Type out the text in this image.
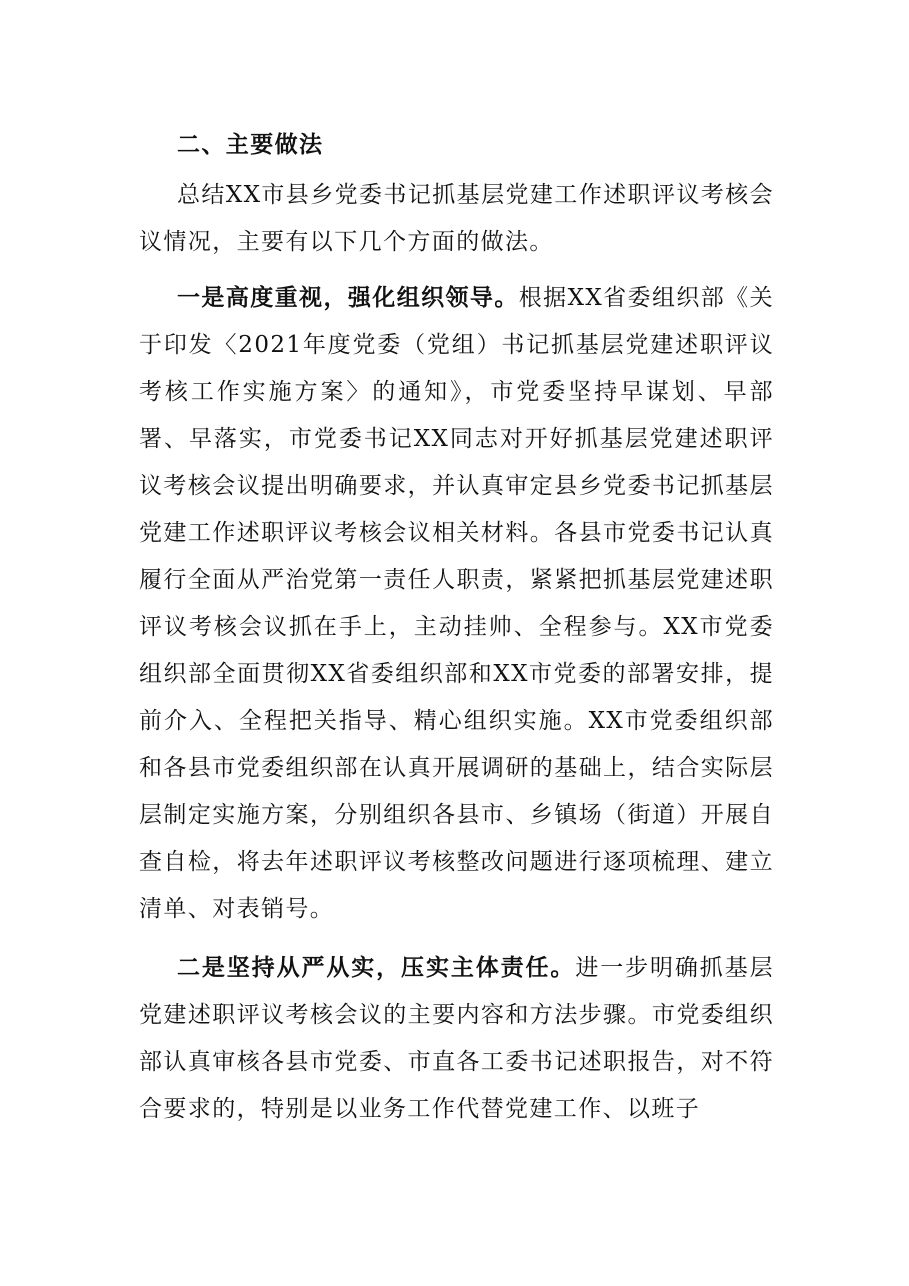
二、主要做法

总结XX市县乡党委书记抓基层党建工作述职评议考核会议情况，主要有以下几个方面的做法。

一是高度重视，强化组织领导。根据XX省委组织部《关于印发〈2021年度党委（党组）书记抓基层党建述职评议考核工作实施方案〉的通知》，市党委坚持早谋划、早部署、早落实，市党委书记XX同志对开好抓基层党建述职评议考核会议提出明确要求，并认真审定县乡党委书记抓基层党建工作述职评议考核会议相关材料。各县市党委书记认真履行全面从严治党第一责任人职责，紧紧把抓基层党建述职评议考核会议抓在手上，主动挂帅、全程参与。XX市党委组织部全面贯彻XX省委组织部和XX市党委的部署安排，提前介入、全程把关指导、精心组织实施。XX市党委组织部和各县市党委组织部在认真开展调研的基础上，结合实际层层制定实施方案，分别组织各县市、乡镇场（街道）开展自查自检，将去年述职评议考核整改问题进行逐项梳理、建立清单、对表销号。

二是坚持从严从实，压实主体责任。进一步明确抓基层党建述职评议考核会议的主要内容和方法步骤。市党委组织部认真审核各县市党委、市直各工委书记述职报告，对不符合要求的，特别是以业务工作代替党建工作、以班子
